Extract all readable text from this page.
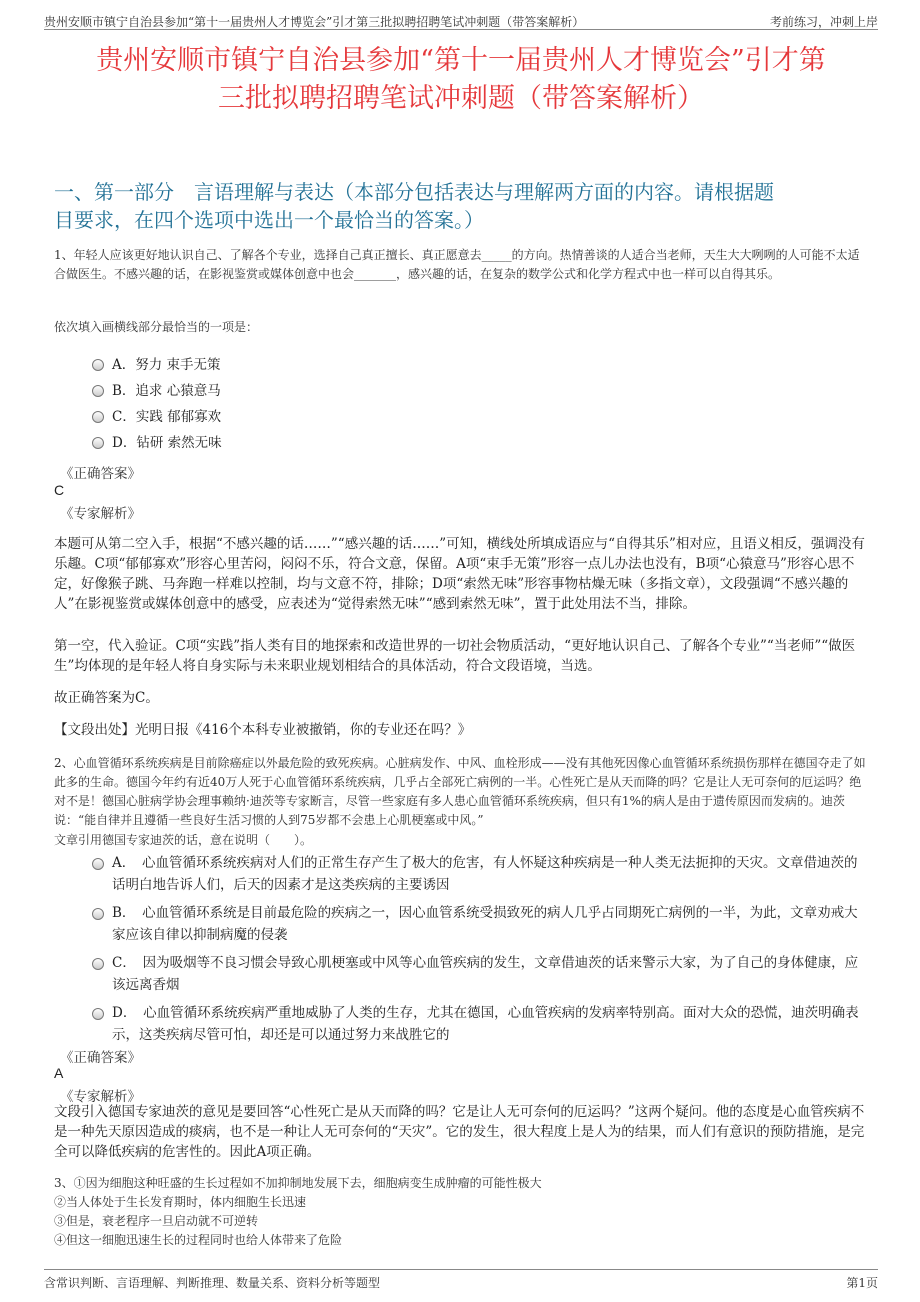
贵州安顺市镇宁自治县参加“第十一届贵州人才博览会”引才第三批拟聘招聘笔试冲刺题（带答案解析）	考前练习，冲刺上岸
贵州安顺市镇宁自治县参加“第十一届贵州人才博览会”引才第
三批拟聘招聘笔试冲刺题（带答案解析）
一、第一部分　言语理解与表达（本部分包括表达与理解两方面的内容。请根据题
目要求，在四个选项中选出一个最恰当的答案。）
1、年轻人应该更好地认识自己、了解各个专业，选择自己真正擅长、真正愿意去_____的方向。热情善谈的人适合当老师，天生大大咧咧的人可能不太适合做医生。不感兴趣的话，在影视鉴赏或媒体创意中也会_______，感兴趣的话，在复杂的数学公式和化学方程式中也一样可以自得其乐。
依次填入画横线部分最恰当的一项是：
A．努力 束手无策
B．追求 心猿意马
C．实践 郁郁寡欢
D．钻研 索然无味
《正确答案》
C
《专家解析》
本题可从第二空入手，根据“不感兴趣的话……”“感兴趣的话……”可知，横线处所填成语应与“自得其乐”相对应，且语义相反，强调没有乐趣。C项“郁郁寡欢”形容心里苦闷，闷闷不乐，符合文意，保留。A项“束手无策”形容一点儿办法也没有，B项“心猿意马”形容心思不定，好像猴子跳、马奔跑一样难以控制，均与文意不符，排除；D项“索然无味”形容事物枯燥无味（多指文章），文段强调“不感兴趣的人”在影视鉴赏或媒体创意中的感受，应表述为“觉得索然无味”“感到索然无味”，置于此处用法不当，排除。
第一空，代入验证。C项“实践”指人类有目的地探索和改造世界的一切社会物质活动，“更好地认识自己、了解各个专业”“当老师”“做医生”均体现的是年轻人将自身实际与未来职业规划相结合的具体活动，符合文段语境，当选。
故正确答案为C。
【文段出处】光明日报《416个本科专业被撤销，你的专业还在吗？》
2、心血管循环系统疾病是目前除癌症以外最危险的致死疾病。心脏病发作、中风、血栓形成——没有其他死因像心血管循环系统损伤那样在德国夺走了如此多的生命。德国今年约有近40万人死于心血管循环系统疾病，几乎占全部死亡病例的一半。心性死亡是从天而降的吗？它是让人无可奈何的厄运吗？绝对不是！德国心脏病学协会理事赖纳·迪茨等专家断言，尽管一些家庭有多人患心血管循环系统疾病，但只有1%的病人是由于遗传原因而发病的。迪茨说：“能自律并且遵循一些良好生活习惯的人到75岁都不会患上心肌梗塞或中风。”
文章引用德国专家迪茨的话，意在说明（　　）。
A．　心血管循环系统疾病对人们的正常生存产生了极大的危害，有人怀疑这种疾病是一种人类无法扼抑的天灾。文章借迪茨的话明白地告诉人们，后天的因素才是这类疾病的主要诱因
B．　心血管循环系统是目前最危险的疾病之一，因心血管系统受损致死的病人几乎占同期死亡病例的一半，为此，文章劝戒大家应该自律以抑制病魔的侵袭
C．　因为吸烟等不良习惯会导致心肌梗塞或中风等心血管疾病的发生，文章借迪茨的话来警示大家，为了自己的身体健康，应该远离香烟
D．　心血管循环系统疾病严重地威胁了人类的生存，尤其在德国，心血管疾病的发病率特别高。面对大众的恐慌，迪茨明确表示，这类疾病尽管可怕，却还是可以通过努力来战胜它的
《正确答案》
A
《专家解析》
文段引入德国专家迪茨的意见是要回答“心性死亡是从天而降的吗？它是让人无可奈何的厄运吗？”这两个疑问。他的态度是心血管疾病不是一种先天原因造成的痰病，也不是一种让人无可奈何的“天灾”。它的发生，很大程度上是人为的结果，而人们有意识的预防措施，是完全可以降低疾病的危害性的。因此A项正确。
3、①因为细胞这种旺盛的生长过程如不加抑制地发展下去，细胞病变生成肿瘤的可能性极大
②当人体处于生长发育期时，体内细胞生长迅速
③但是，衰老程序一旦启动就不可逆转
④但这一细胞迅速生长的过程同时也给人体带来了危险
含常识判断、言语理解、判断推理、数量关系、资料分析等题型	第1页
